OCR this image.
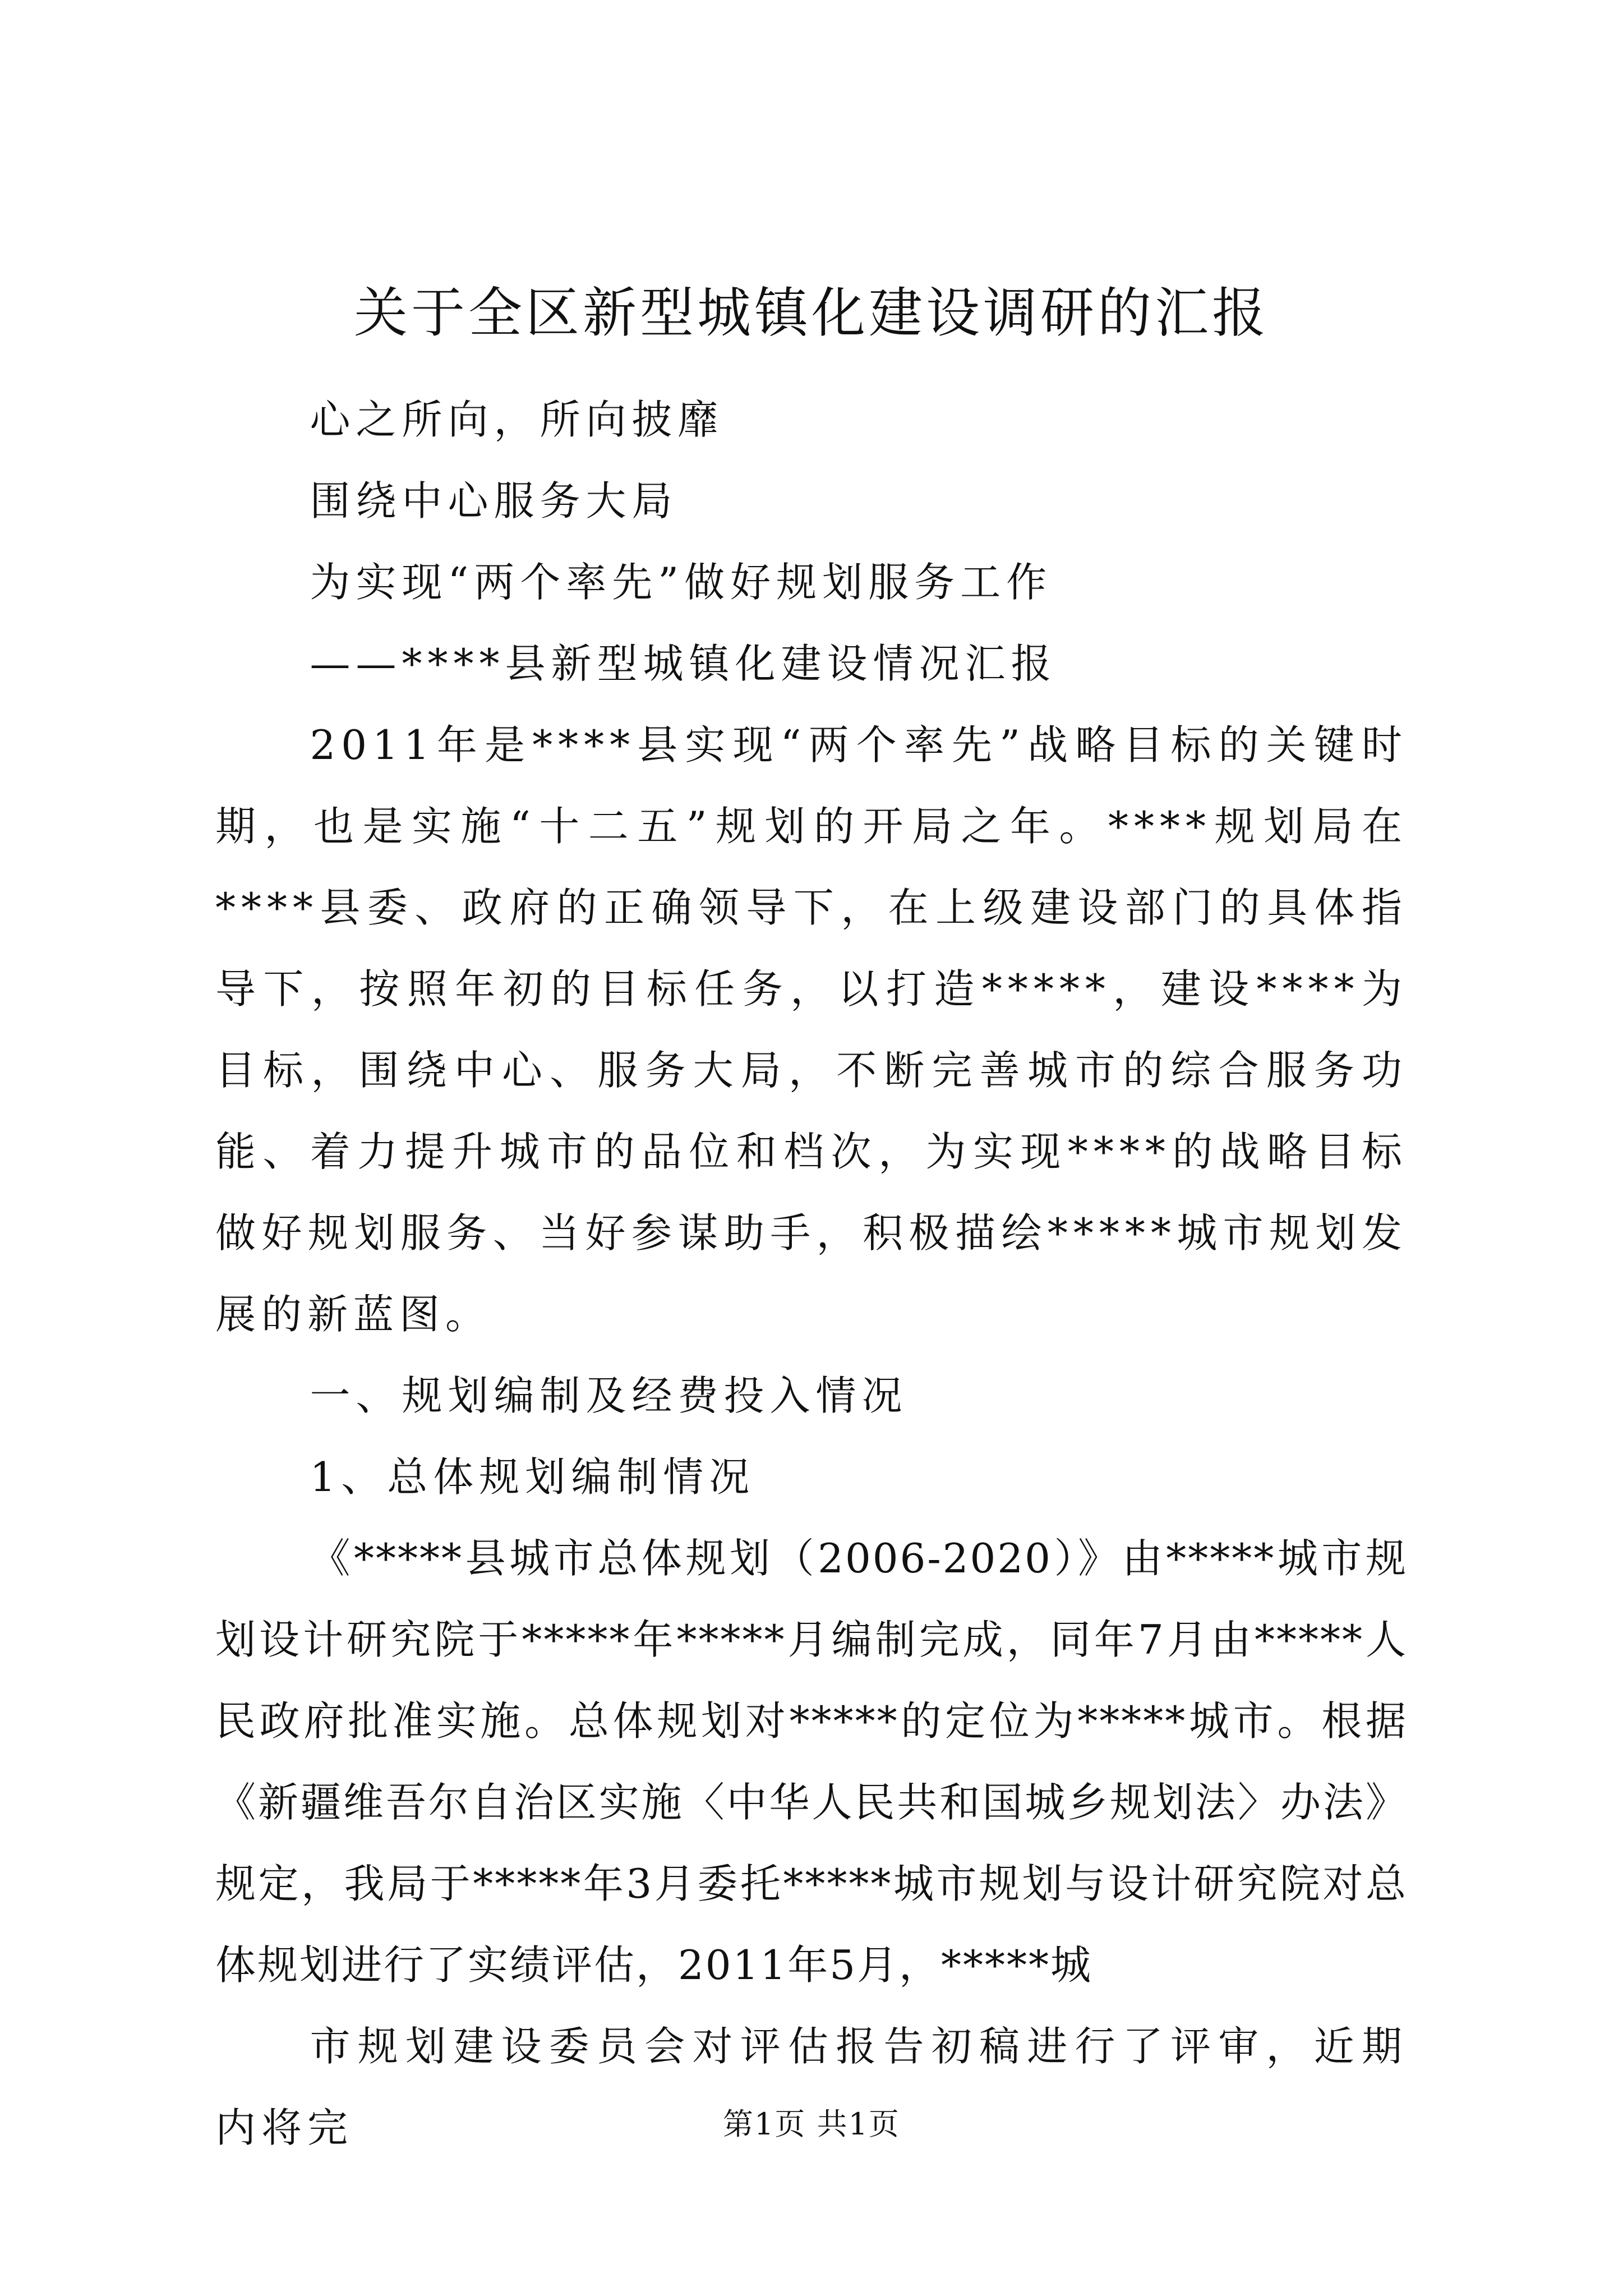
关于全区新型城镇化建设调研的汇报

心之所向，所向披靡

围绕中心服务大局

为实现“两个率先”做好规划服务工作

——****县新型城镇化建设情况汇报

2011年是****县实现“两个率先”战略目标的关键时期，也是实施“十二五”规划的开局之年。****规划局在****县委、政府的正确领导下，在上级建设部门的具体指导下，按照年初的目标任务，以打造*****，建设****为目标，围绕中心、服务大局，不断完善城市的综合服务功能、着力提升城市的品位和档次，为实现****的战略目标做好规划服务、当好参谋助手，积极描绘*****城市规划发展的新蓝图。

一、规划编制及经费投入情况

1、总体规划编制情况

《*****县城市总体规划（2006-2020）》由*****城市规划设计研究院于*****年*****月编制完成，同年7月由*****人民政府批准实施。总体规划对*****的定位为*****城市。根据《新疆维吾尔自治区实施〈中华人民共和国城乡规划法〉办法》规定，我局于*****年3月委托*****城市规划与设计研究院对总体规划进行了实绩评估，2011年5月，*****城

市规划建设委员会对评估报告初稿进行了评审，近期内将完	第1页 共1页
